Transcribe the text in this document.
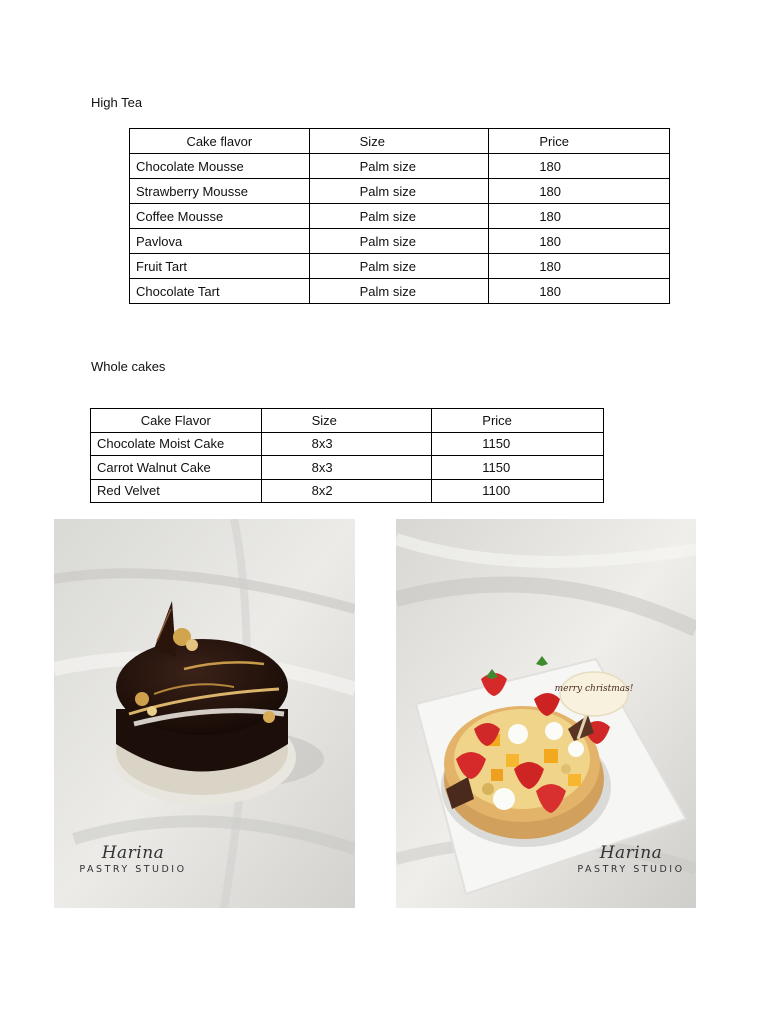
High Tea
Cake flavor	Size	Price
Chocolate Mousse	Palm size	180
Strawberry Mousse	Palm size	180
Coffee Mousse	Palm size	180
Pavlova	Palm size	180
Fruit Tart	Palm size	180
Chocolate Tart	Palm size	180
Whole cakes
Cake Flavor	Size	Price
Chocolate Moist Cake	8x3	1150
Carrot Walnut Cake	8x3	1150
Red Velvet	8x2	1100
Harina
PASTRY STUDIO
merry christmas!
Harina
PASTRY STUDIO
